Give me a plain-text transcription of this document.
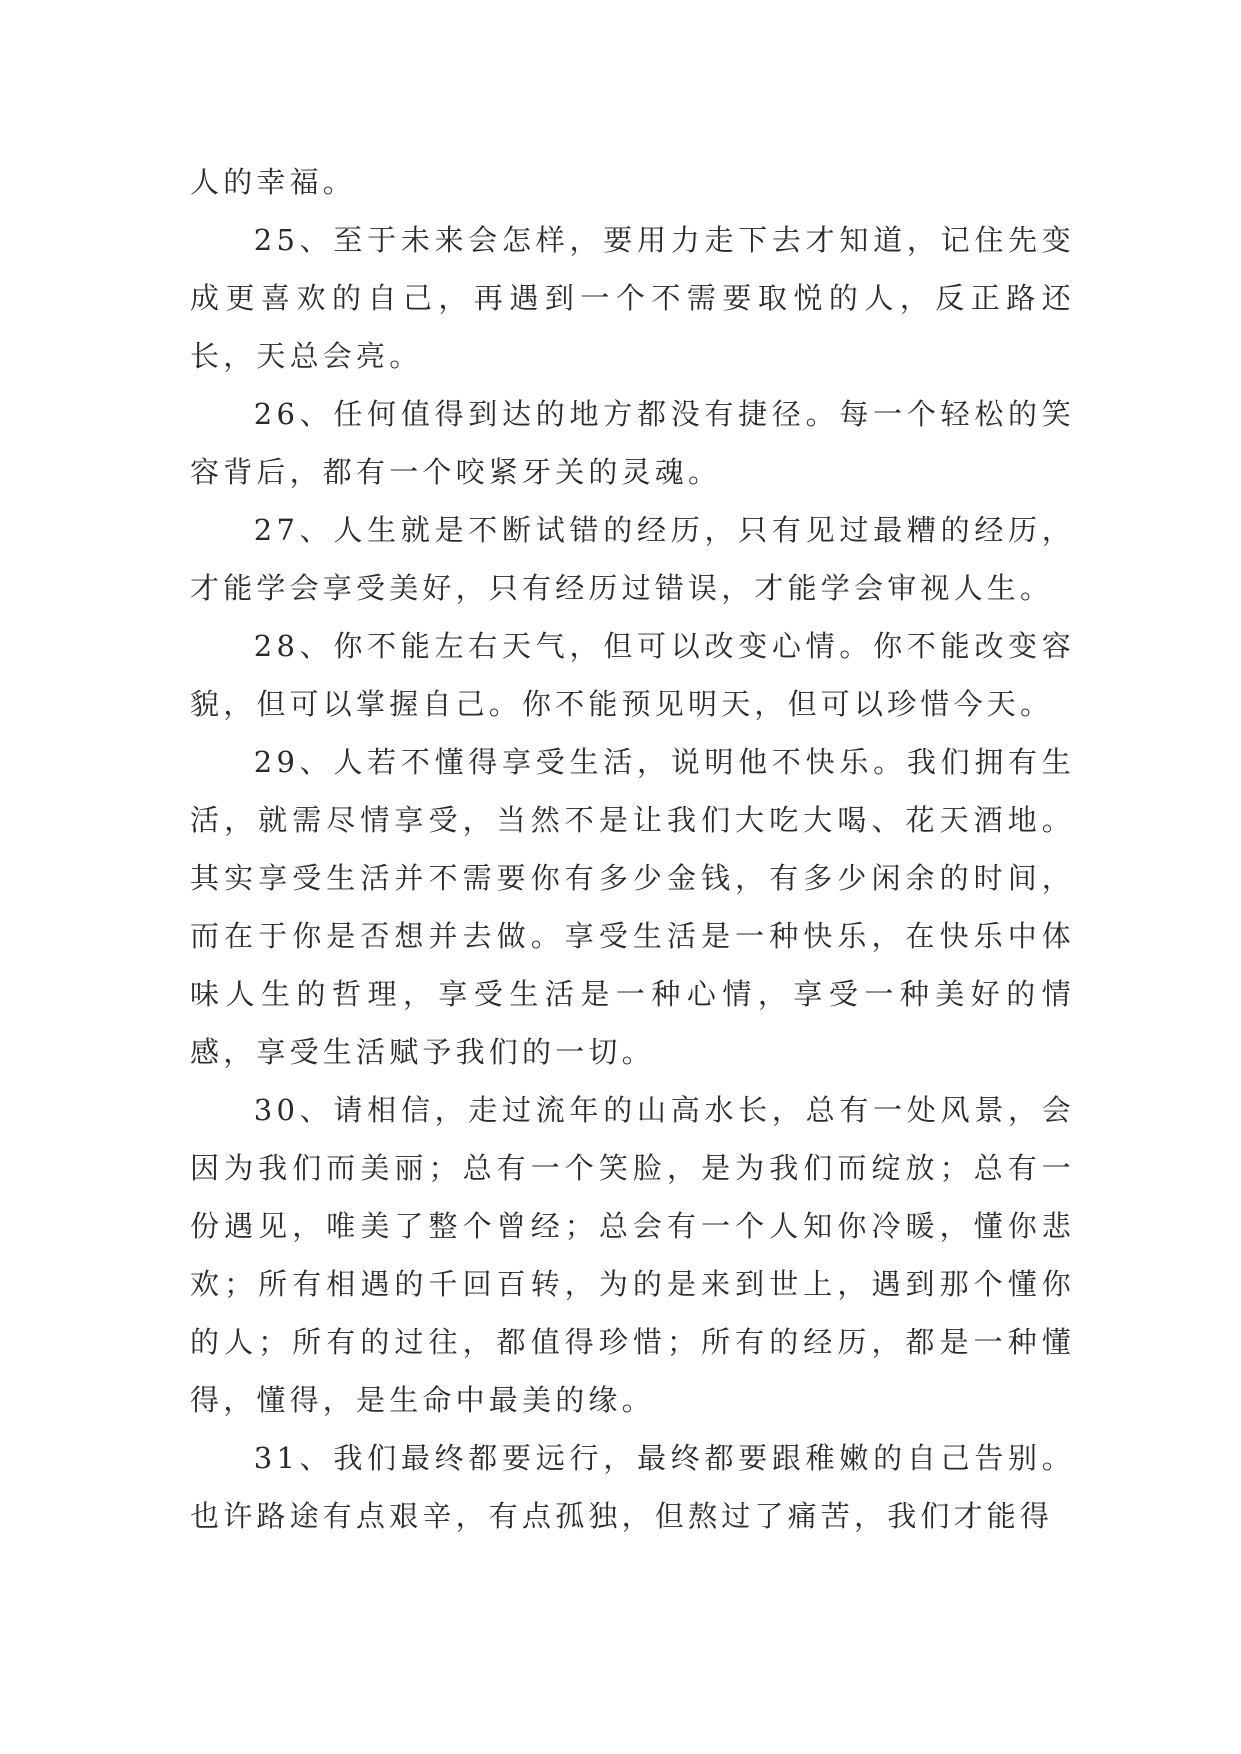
人的幸福。

25、至于未来会怎样，要用力走下去才知道，记住先变成更喜欢的自己，再遇到一个不需要取悦的人，反正路还长，天总会亮。

26、任何值得到达的地方都没有捷径。每一个轻松的笑容背后，都有一个咬紧牙关的灵魂。

27、人生就是不断试错的经历，只有见过最糟的经历，才能学会享受美好，只有经历过错误，才能学会审视人生。

28、你不能左右天气，但可以改变心情。你不能改变容貌，但可以掌握自己。你不能预见明天，但可以珍惜今天。

29、人若不懂得享受生活，说明他不快乐。我们拥有生活，就需尽情享受，当然不是让我们大吃大喝、花天酒地。其实享受生活并不需要你有多少金钱，有多少闲余的时间，而在于你是否想并去做。享受生活是一种快乐，在快乐中体味人生的哲理，享受生活是一种心情，享受一种美好的情感，享受生活赋予我们的一切。

30、请相信，走过流年的山高水长，总有一处风景，会因为我们而美丽；总有一个笑脸，是为我们而绽放；总有一份遇见，唯美了整个曾经；总会有一个人知你冷暖，懂你悲欢；所有相遇的千回百转，为的是来到世上，遇到那个懂你的人；所有的过往，都值得珍惜；所有的经历，都是一种懂得，懂得，是生命中最美的缘。

31、我们最终都要远行，最终都要跟稚嫩的自己告别。也许路途有点艰辛，有点孤独，但熬过了痛苦，我们才能得
